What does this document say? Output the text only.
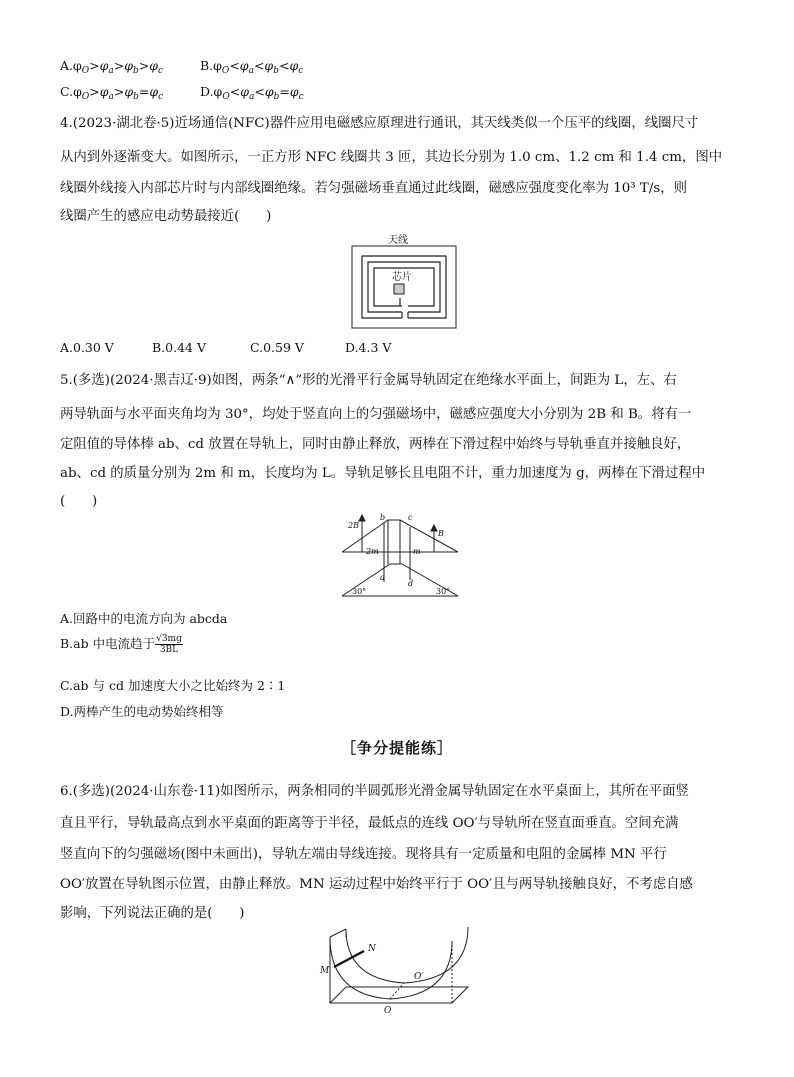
$A.\varphi_O>\varphi_a>\varphi_b>\varphi_c$	$B.\varphi_O<\varphi_a<\varphi_b<\varphi_c$
$C.\varphi_O>\varphi_a>\varphi_b=\varphi_c$	$D.\varphi_O<\varphi_a<\varphi_b=\varphi_c$
4.(2023·湖北卷·5)近场通信(NFC)器件应用电磁感应原理进行通讯，其天线类似一个压平的线圈，线圈尺寸
从内到外逐渐变大。如图所示，一正方形 NFC 线圈共 3 匝，其边长分别为 1.0 cm、1.2 cm 和 1.4 cm，图中
线圈外线接入内部芯片时与内部线圈绝缘。若匀强磁场垂直通过此线圈，磁感应强度变化率为 10³ T/s，则
线圈产生的感应电动势最接近(　　)
天线
芯片
A.0.30 V	B.0.44 V	C.0.59 V	D.4.3 V
5.(多选)(2024·黑吉辽·9)如图，两条“∧”形的光滑平行金属导轨固定在绝缘水平面上，间距为 L，左、右
两导轨面与水平面夹角均为 30°，均处于竖直向上的匀强磁场中，磁感应强度大小分别为 2B 和 B。将有一
定阻值的导体棒 ab、cd 放置在导轨上，同时由静止释放，两棒在下滑过程中始终与导轨垂直并接触良好，
ab、cd 的质量分别为 2m 和 m，长度均为 L。导轨足够长且电阻不计，重力加速度为 g，两棒在下滑过程中
(　　)
2B
B
b	c
a
d
2m	m
30°	30°
A.回路中的电流方向为 abcda
B.ab 中电流趋于 $\frac{√3mg}{3BL}$
C.ab 与 cd 加速度大小之比始终为 2∶1
D.两棒产生的电动势始终相等
［争分提能练］
6.(多选)(2024·山东卷·11)如图所示，两条相同的半圆弧形光滑金属导轨固定在水平桌面上，其所在平面竖
直且平行，导轨最高点到水平桌面的距离等于半径，最低点的连线 OO′与导轨所在竖直面垂直。空间充满
竖直向下的匀强磁场(图中未画出)，导轨左端由导线连接。现将具有一定质量和电阻的金属棒 MN 平行
OO′放置在导轨图示位置，由静止释放。MN 运动过程中始终平行于 OO′且与两导轨接触良好，不考虑自感
影响，下列说法正确的是(　　)
M
N
O
O′
